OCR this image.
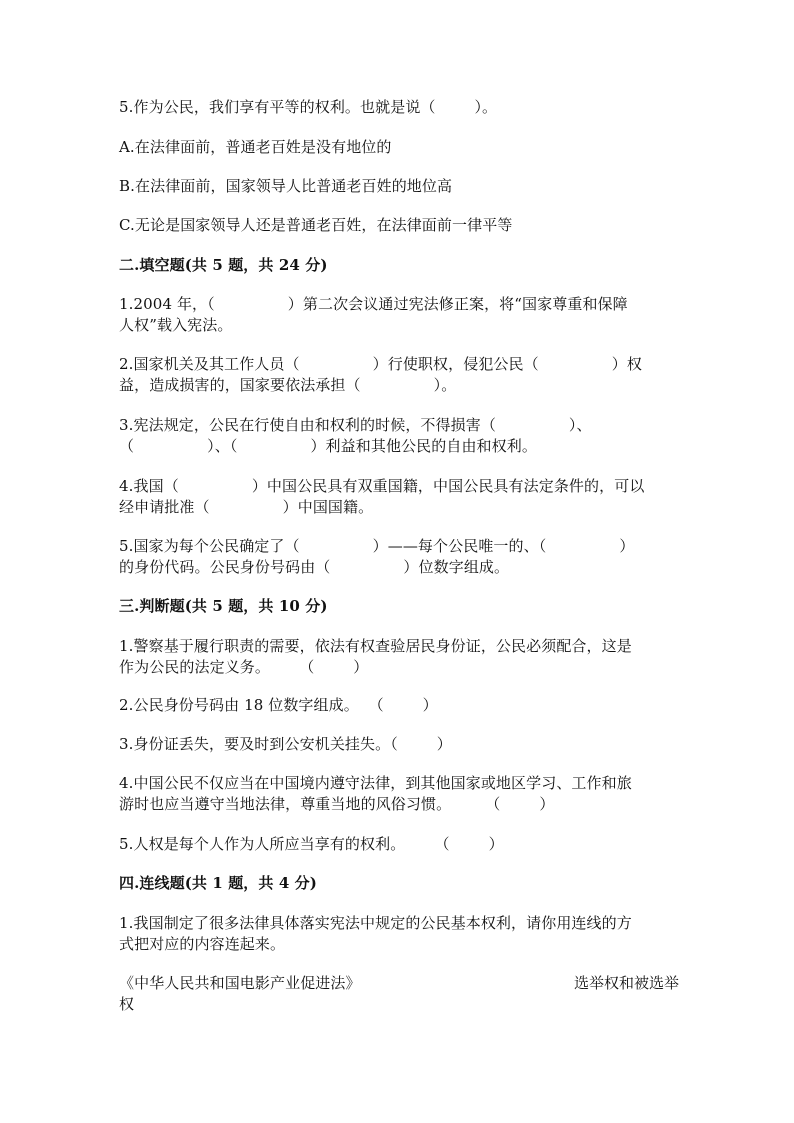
5.作为公民，我们享有平等的权利。也就是说（        ）。
A.在法律面前，普通老百姓是没有地位的
B.在法律面前，国家领导人比普通老百姓的地位高
C.无论是国家领导人还是普通老百姓，在法律面前一律平等
二.填空题(共 5 题，共 24 分)
1.2004 年，（               ）第二次会议通过宪法修正案，将“国家尊重和保障
人权”载入宪法。
2.国家机关及其工作人员（               ）行使职权，侵犯公民（               ）权
益，造成损害的，国家要依法承担（               ）。
3.宪法规定，公民在行使自由和权利的时候，不得损害（               ）、
（               ）、（               ）利益和其他公民的自由和权利。
4.我国（               ）中国公民具有双重国籍，中国公民具有法定条件的，可以
经申请批准（               ）中国国籍。
5.国家为每个公民确定了（               ）——每个公民唯一的、（               ）
的身份代码。公民身份号码由（               ）位数字组成。
三.判断题(共 5 题，共 10 分)
1.警察基于履行职责的需要，依法有权查验居民身份证，公民必须配合，这是
作为公民的法定义务。      （        ）
2.公民身份号码由 18 位数字组成。  （        ）
3.身份证丢失，要及时到公安机关挂失。（        ）
4.中国公民不仅应当在中国境内遵守法律，到其他国家或地区学习、工作和旅
游时也应当遵守当地法律，尊重当地的风俗习惯。       （        ）
5.人权是每个人作为人所应当享有的权利。      （        ）
四.连线题(共 1 题，共 4 分)
1.我国制定了很多法律具体落实宪法中规定的公民基本权利，请你用连线的方
式把对应的内容连起来。
《中华人民共和国电影产业促进法》	选举权和被选举
权
